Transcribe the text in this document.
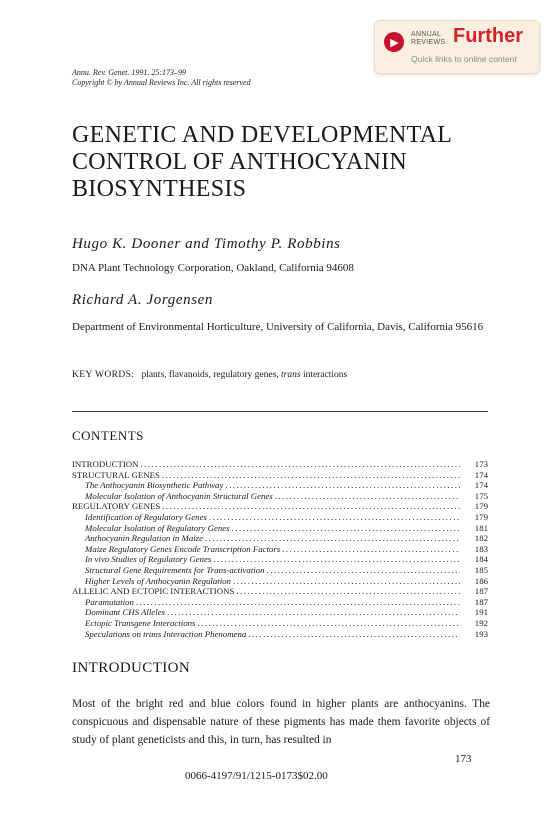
▶
ANNUAL
REVIEWS Further
Quick links to online content
Annu. Rev. Genet. 1991. 25:173–99
Copyright © by Annual Reviews Inc. All rights reserved
GENETIC AND DEVELOPMENTAL
CONTROL OF ANTHOCYANIN
BIOSYNTHESIS
Hugo K. Dooner and Timothy P. Robbins
DNA Plant Technology Corporation, Oakland, California 94608
Richard A. Jorgensen
Department of Environmental Horticulture, University of California, Davis, California 95616
KEY WORDS: plants, flavanoids, regulatory genes, trans interactions
CONTENTS
INTRODUCTION .....	173
STRUCTURAL GENES .....	174
The Anthocyanin Biosynthetic Pathway .....	174
Molecular Isolation of Anthocyanin Structural Genes .....	175
REGULATORY GENES .....	179
Identification of Regulatory Genes .....	179
Molecular Isolation of Regulatory Genes .....	181
Anthocyanin Regulation in Maize .....	182
Maize Regulatory Genes Encode Transcription Factors .....	183
In vivo Studies of Regulatory Genes .....	184
Structural Gene Requirements for Trans-activation .....	185
Higher Levels of Anthocyanin Regulation .....	186
ALLELIC AND ECTOPIC INTERACTIONS .....	187
Paramutation .....	187
Dominant CHS Alleles .....	191
Ectopic Transgene Interactions .....	192
Speculations on trans Interaction Phenomena .....	193
INTRODUCTION
Most of the bright red and blue colors found in higher plants are anthocyanins. The conspicuous and dispensable nature of these pigments has made them favorite objects of study of plant geneticists and this, in turn, has resulted in
173
0066-4197/91/1215-0173$02.00
